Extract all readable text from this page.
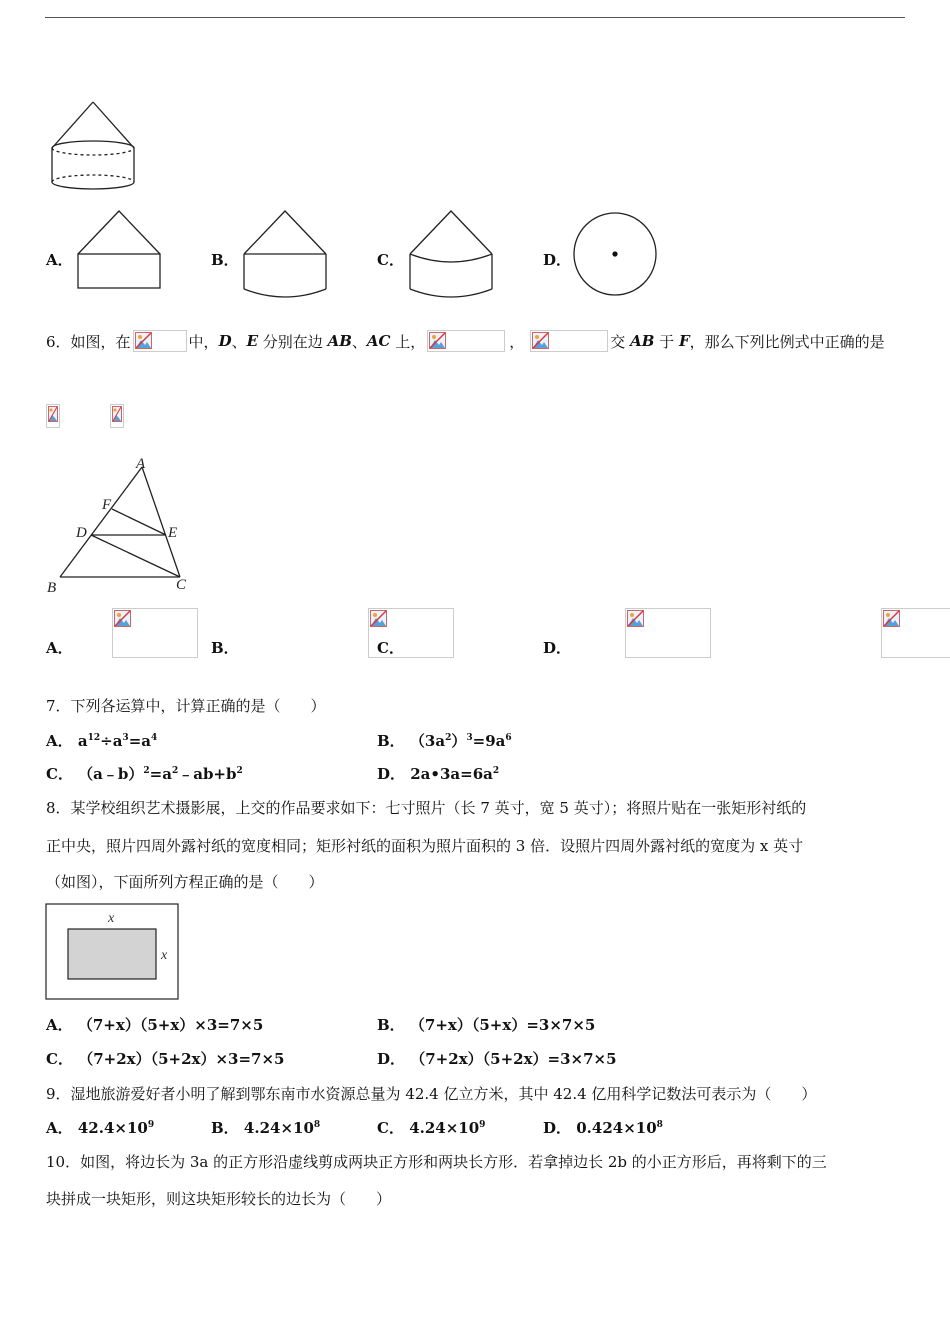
A．	B．	C．	D．
6．如图，在	中， D 、 E 分别在边 AB 、 AC 上，	，	交 AB 于 F ，那么下列比例式中正确的是

A
B	C
D	E
F
A．
	B．
	C．
	D．
7．下列各运算中，计算正确的是（　　）
A． $a^{12}\div a^3=a^4$	B． $(3a^2)^3=9a^6$
C． $(a﹣b)^2=a^2﹣ab+b^2$	D． $2a•3a=6a^2$
8．某学校组织艺术摄影展，上交的作品要求如下：七寸照片（长 7 英寸，宽 5 英寸）；将照片贴在一张矩形衬纸的
正中央，照片四周外露衬纸的宽度相同；矩形衬纸的面积为照片面积的 3 倍．设照片四周外露衬纸的宽度为 x 英寸
（如图），下面所列方程正确的是（　　）
x
x
A． （7+x）（5+x）×3=7×5	B． （7+x）（5+x）=3×7×5
C． （7+2x）（5+2x）×3=7×5	D． （7+2x）（5+2x）=3×7×5
9．湿地旅游爱好者小明了解到鄂东南市水资源总量为 42.4 亿立方米，其中 42.4 亿用科学记数法可表示为（　　）
A． $42.4\times 10^9$	B． $4.24\times 10^8$	C． $4.24\times 10^9$	D． $0.424\times 10^8$
10．如图，将边长为 3a 的正方形沿虚线剪成两块正方形和两块长方形．若拿掉边长 2b 的小正方形后，再将剩下的三
块拼成一块矩形，则这块矩形较长的边长为（　　）
